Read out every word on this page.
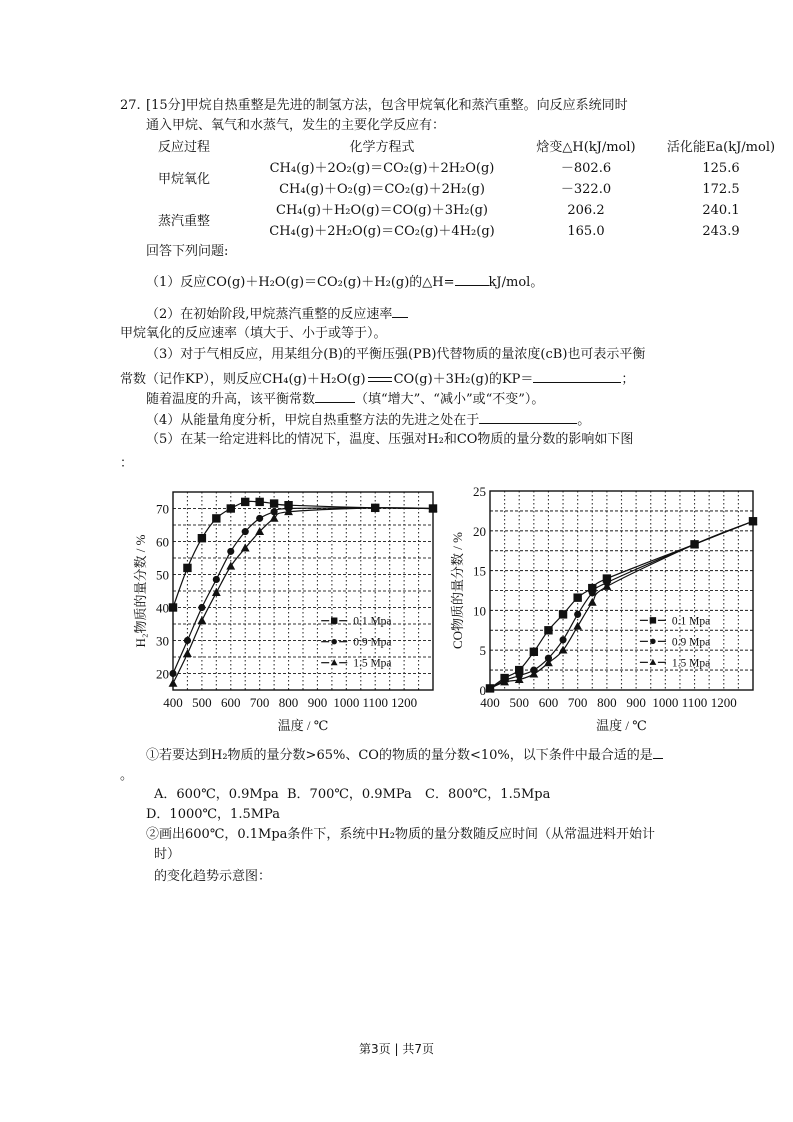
27. [15分]甲烷自热重整是先进的制氢方法，包含甲烷氧化和蒸汽重整。向反应系统同时
通入甲烷、氧气和水蒸气，发生的主要化学反应有：
反应过程	化学方程式	焓变△H(kJ/mol)	活化能Ea(kJ/mol)
甲烷氧化	CH₄(g)＋2O₂(g)＝CO₂(g)＋2H₂O(g)	－802.6	125.6
	CH₄(g)＋O₂(g)＝CO₂(g)＋2H₂(g)	－322.0	172.5
蒸汽重整	CH₄(g)＋H₂O(g)＝CO(g)＋3H₂(g)	206.2	240.1
	CH₄(g)＋2H₂O(g)＝CO₂(g)＋4H₂(g)	165.0	243.9
回答下列问题:
（1）反应CO(g)＋H₂O(g)＝CO₂(g)＋H₂(g)的△H=	kJ/mol。
（2）在初始阶段,甲烷蒸汽重整的反应速率
甲烷氧化的反应速率（填大于、小于或等于）。
（3）对于气相反应，用某组分(B)的平衡压强(PB)代替物质的量浓度(cB)也可表示平衡
常数（记作KP），则反应CH₄(g)＋H₂O(g) CO(g)＋3H₂(g)的KP＝	；
随着温度的升高，该平衡常数	（填“增大”、“减小”或“不变”）。
（4）从能量角度分析，甲烷自热重整方法的先进之处在于	。
（5）在某一给定进料比的情况下，温度、压强对H₂和CO物质的量分数的影响如下图
：
400 500 600 700 800 900 1000 1100 1200
20
30
40
50
60
70
温度 / ℃
H₂物质的量分数 / %	0.1 Mpa
0.9 Mpa
1.5 Mpa
400 500 600 700 800 900 1000 1100 1200
0
5
10
15
20
25
温度 / ℃
CO物质的量分数 / %	0.1 Mpa
0.9 Mpa
1.5 Mpa
①若要达到H₂物质的量分数>65%、CO的物质的量分数<10%，以下条件中最合适的是
。
A．600℃，0.9Mpa B．700℃，0.9MPa C．800℃，1.5Mpa
D．1000℃，1.5MPa
②画出600℃，0.1Mpa条件下，系统中H₂物质的量分数随反应时间（从常温进料开始计
时）
的变化趋势示意图：
第3页 | 共7页
